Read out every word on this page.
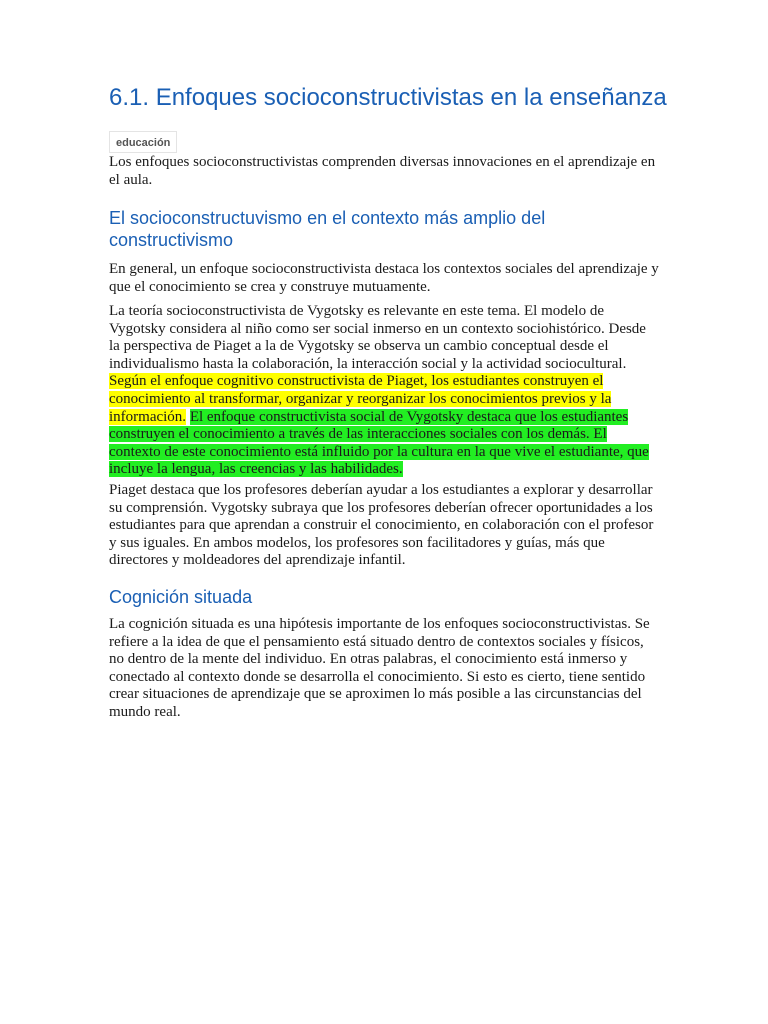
6.1. Enfoques socioconstructivistas en la enseñanza
educación

Los enfoques socioconstructivistas comprenden diversas innovaciones en el aprendizaje en el aula.

El socioconstructuvismo en el contexto más amplio del constructivismo

En general, un enfoque socioconstructivista destaca los contextos sociales del aprendizaje y que el conocimiento se crea y construye mutuamente.

La teoría socioconstructivista de Vygotsky es relevante en este tema. El modelo de Vygotsky considera al niño como ser social inmerso en un contexto sociohistórico. Desde la perspectiva de Piaget a la de Vygotsky se observa un cambio conceptual desde el individualismo hasta la colaboración, la interacción social y la actividad sociocultural. Según el enfoque cognitivo constructivista de Piaget, los estudiantes construyen el conocimiento al transformar, organizar y reorganizar los conocimientos previos y la información. El enfoque constructivista social de Vygotsky destaca que los estudiantes construyen el conocimiento a través de las interacciones sociales con los demás. El contexto de este conocimiento está influido por la cultura en la que vive el estudiante, que incluye la lengua, las creencias y las habilidades.

Piaget destaca que los profesores deberían ayudar a los estudiantes a explorar y desarrollar su comprensión. Vygotsky subraya que los profesores deberían ofrecer oportunidades a los estudiantes para que aprendan a construir el conocimiento, en colaboración con el profesor y sus iguales. En ambos modelos, los profesores son facilitadores y guías, más que directores y moldeadores del aprendizaje infantil.

Cognición situada

La cognición situada es una hipótesis importante de los enfoques socioconstructivistas. Se refiere a la idea de que el pensamiento está situado dentro de contextos sociales y físicos, no dentro de la mente del individuo. En otras palabras, el conocimiento está inmerso y conectado al contexto donde se desarrolla el conocimiento. Si esto es cierto, tiene sentido crear situaciones de aprendizaje que se aproximen lo más posible a las circunstancias del mundo real.
